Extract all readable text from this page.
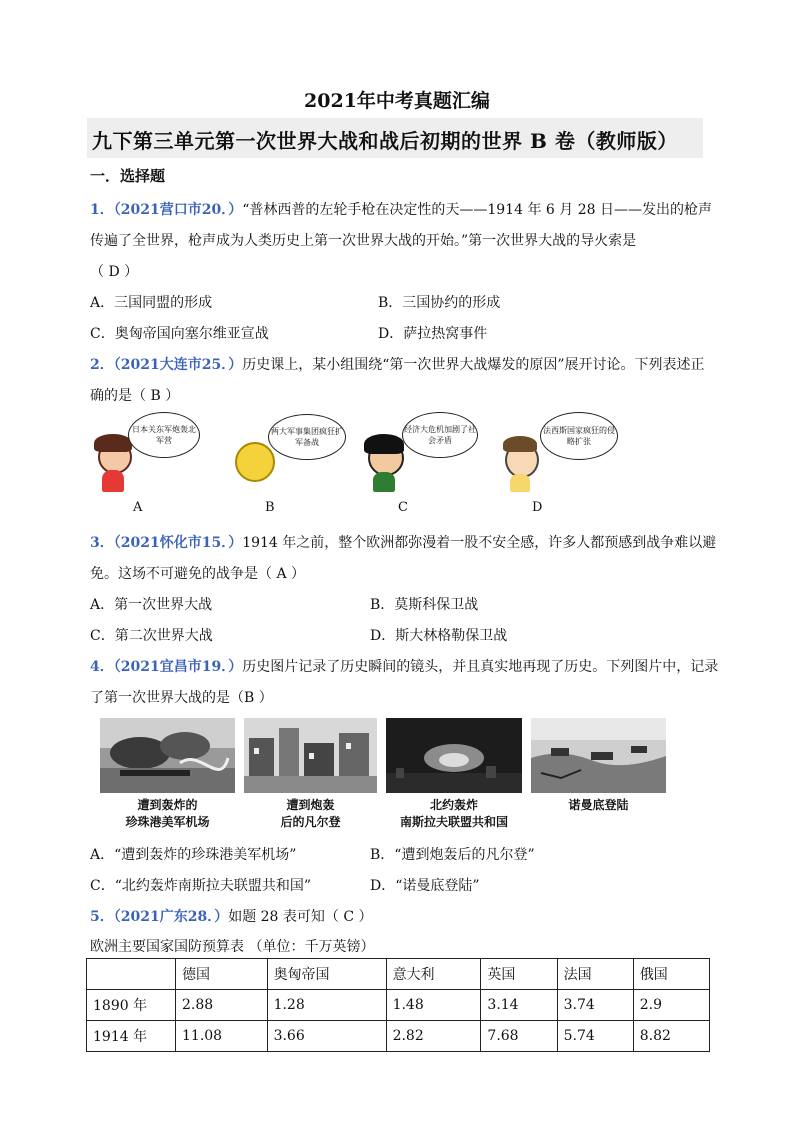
2021年中考真题汇编
九下第三单元第一次世界大战和战后初期的世界 B 卷（教师版）
一．选择题
1．（2021营口市20．）“普林西普的左轮手枪在决定性的天——1914 年 6 月 28 日——发出的枪声
传遍了全世界，枪声成为人类历史上第一次世界大战的开始。”第一次世界大战的导火索是
（ D ）
A．三国同盟的形成	B．三国协约的形成
C．奥匈帝国向塞尔维亚宣战	D．萨拉热窝事件
2．（2021大连市25．）历史课上，某小组围绕“第一次世界大战爆发的原因”展开讨论。下列表述正
确的是（ B ）
日本关东军炮轰北军营
两大军事集团疯狂扩军备战
经济大危机加剧了社会矛盾
法西斯国家疯狂的侵略扩张
A	B	C	D
3．（2021怀化市15．）1914 年之前，整个欧洲都弥漫着一股不安全感，许多人都预感到战争难以避
免。这场不可避免的战争是（ A ）
A．第一次世界大战	B．莫斯科保卫战
C．第二次世界大战	D．斯大林格勒保卫战
4．（2021宜昌市19．）历史图片记录了历史瞬间的镜头，并且真实地再现了历史。下列图片中，记录
了第一次世界大战的是（B ）
遭到轰炸的
珍珠港美军机场
遭到炮轰
后的凡尔登
北约轰炸
南斯拉夫联盟共和国
诺曼底登陆
A．“遭到轰炸的珍珠港美军机场”	B．“遭到炮轰后的凡尔登”
C．“北约轰炸南斯拉夫联盟共和国”	D．“诺曼底登陆”
5．（2021广东28．）如题 28 表可知（ C ）
欧洲主要国家国防预算表 （单位：千万英镑）
	德国	奥匈帝国	意大利	英国	法国	俄国
1890 年	2.88	1.28	1.48	3.14	3.74	2.9
1914 年	11.08	3.66	2.82	7.68	5.74	8.82
